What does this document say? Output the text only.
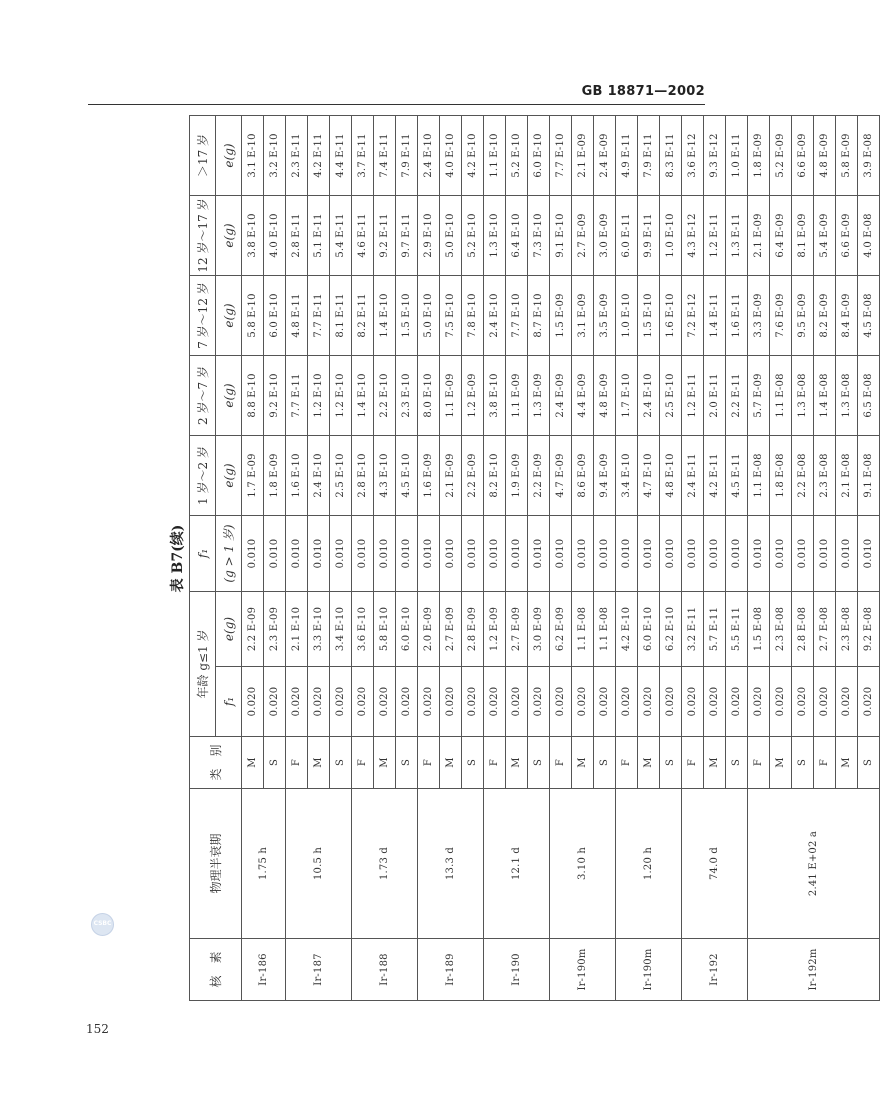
GB 18871—2002
CSBC
152
表 B7(续)
核　素	物理半衰期	类　别	年龄 g≤1 岁		f₁	1 岁～2 岁	2 岁～7 岁	7 岁～12 岁	12 岁～17 岁	＞17 岁
			f₁	e(g)	(g > 1 岁)	e(g)	e(g)	e(g)	e(g)	e(g)
Ir-186	1.75 h	M	0.020	2.2 E-09	0.010	1.7 E-09	8.8 E-10	5.8 E-10	3.8 E-10	3.1 E-10
		S	0.020	2.3 E-09	0.010	1.8 E-09	9.2 E-10	6.0 E-10	4.0 E-10	3.2 E-10
Ir-187	10.5 h	F	0.020	2.1 E-10	0.010	1.6 E-10	7.7 E-11	4.8 E-11	2.8 E-11	2.3 E-11
		M	0.020	3.3 E-10	0.010	2.4 E-10	1.2 E-10	7.7 E-11	5.1 E-11	4.2 E-11
		S	0.020	3.4 E-10	0.010	2.5 E-10	1.2 E-10	8.1 E-11	5.4 E-11	4.4 E-11
Ir-188	1.73 d	F	0.020	3.6 E-10	0.010	2.8 E-10	1.4 E-10	8.2 E-11	4.6 E-11	3.7 E-11
		M	0.020	5.8 E-10	0.010	4.3 E-10	2.2 E-10	1.4 E-10	9.2 E-11	7.4 E-11
		S	0.020	6.0 E-10	0.010	4.5 E-10	2.3 E-10	1.5 E-10	9.7 E-11	7.9 E-11
Ir-189	13.3 d	F	0.020	2.0 E-09	0.010	1.6 E-09	8.0 E-10	5.0 E-10	2.9 E-10	2.4 E-10
		M	0.020	2.7 E-09	0.010	2.1 E-09	1.1 E-09	7.5 E-10	5.0 E-10	4.0 E-10
		S	0.020	2.8 E-09	0.010	2.2 E-09	1.2 E-09	7.8 E-10	5.2 E-10	4.2 E-10
Ir-190	12.1 d	F	0.020	1.2 E-09	0.010	8.2 E-10	3.8 E-10	2.4 E-10	1.3 E-10	1.1 E-10
		M	0.020	2.7 E-09	0.010	1.9 E-09	1.1 E-09	7.7 E-10	6.4 E-10	5.2 E-10
		S	0.020	3.0 E-09	0.010	2.2 E-09	1.3 E-09	8.7 E-10	7.3 E-10	6.0 E-10
Ir-190m	3.10 h	F	0.020	6.2 E-09	0.010	4.7 E-09	2.4 E-09	1.5 E-09	9.1 E-10	7.7 E-10
		M	0.020	1.1 E-08	0.010	8.6 E-09	4.4 E-09	3.1 E-09	2.7 E-09	2.1 E-09
		S	0.020	1.1 E-08	0.010	9.4 E-09	4.8 E-09	3.5 E-09	3.0 E-09	2.4 E-09
Ir-190m	1.20 h	F	0.020	4.2 E-10	0.010	3.4 E-10	1.7 E-10	1.0 E-10	6.0 E-11	4.9 E-11
		M	0.020	6.0 E-10	0.010	4.7 E-10	2.4 E-10	1.5 E-10	9.9 E-11	7.9 E-11
		S	0.020	6.2 E-10	0.010	4.8 E-10	2.5 E-10	1.6 E-10	1.0 E-10	8.3 E-11
Ir-192	74.0 d	F	0.020	3.2 E-11	0.010	2.4 E-11	1.2 E-11	7.2 E-12	4.3 E-12	3.6 E-12
		M	0.020	5.7 E-11	0.010	4.2 E-11	2.0 E-11	1.4 E-11	1.2 E-11	9.3 E-12
		S	0.020	5.5 E-11	0.010	4.5 E-11	2.2 E-11	1.6 E-11	1.3 E-11	1.0 E-11
Ir-192m	2.41 E+02 a	F	0.020	1.5 E-08	0.010	1.1 E-08	5.7 E-09	3.3 E-09	2.1 E-09	1.8 E-09
		M	0.020	2.3 E-08	0.010	1.8 E-08	1.1 E-08	7.6 E-09	6.4 E-09	5.2 E-09
		S	0.020	2.8 E-08	0.010	2.2 E-08	1.3 E-08	9.5 E-09	8.1 E-09	6.6 E-09
		F	0.020	2.7 E-08	0.010	2.3 E-08	1.4 E-08	8.2 E-09	5.4 E-09	4.8 E-09
		M	0.020	2.3 E-08	0.010	2.1 E-08	1.3 E-08	8.4 E-09	6.6 E-09	5.8 E-09
		S	0.020	9.2 E-08	0.010	9.1 E-08	6.5 E-08	4.5 E-08	4.0 E-08	3.9 E-08
